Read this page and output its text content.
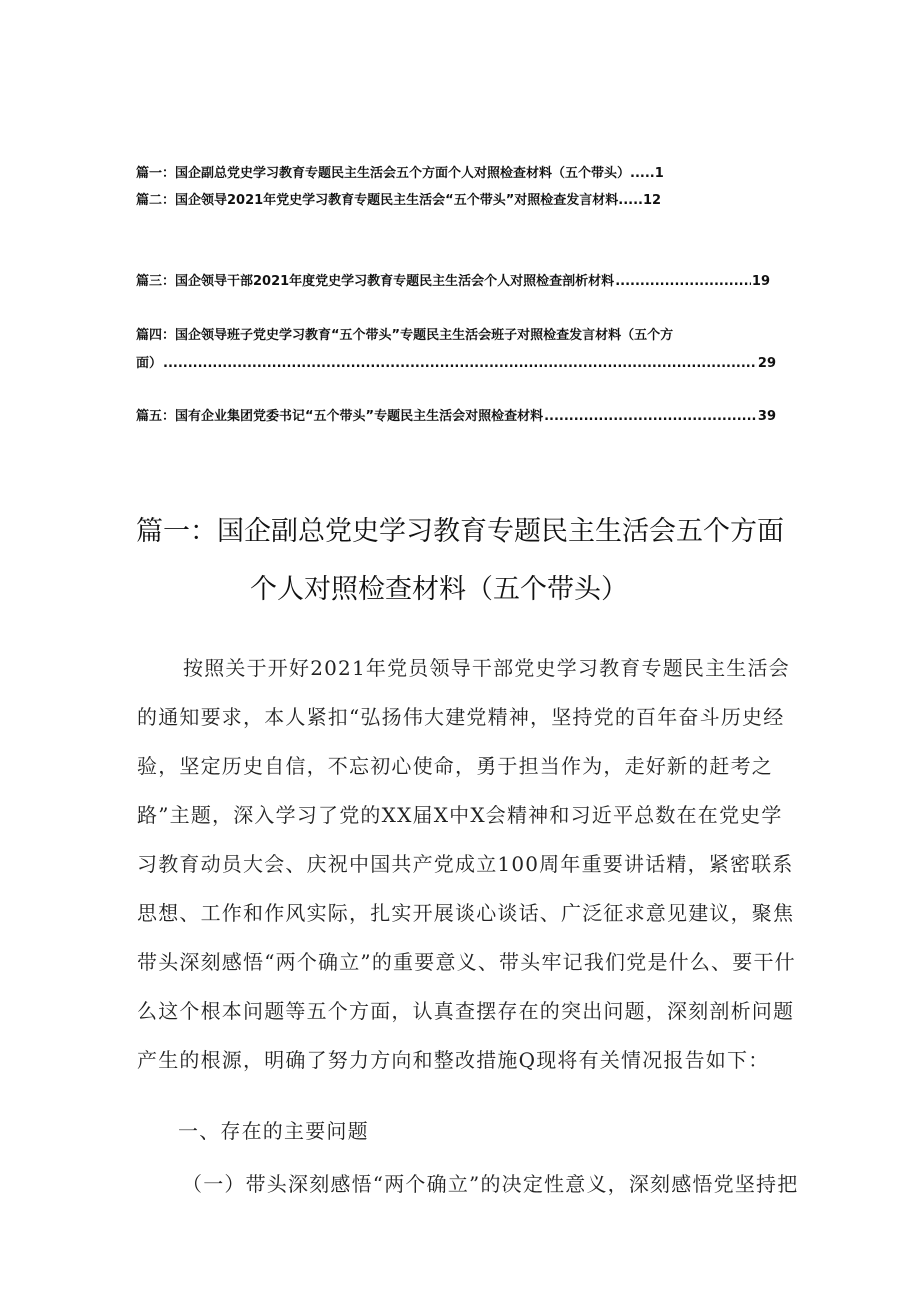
篇一：国企副总党史学习教育专题民主生活会五个方面个人对照检查材料（五个带头） ..... 1
篇二：国企领导2021年党史学习教育专题民主生活会“五个带头”对照检查发言材料 ..... 12
篇三：国企领导干部2021年度党史学习教育专题民主生活会个人对照检查剖析材料 .....	19
篇四：国企领导班子党史学习教育“五个带头”专题民主生活会班子对照检查发言材料（五个方
面） .....	29
篇五：国有企业集团党委书记“五个带头”专题民主生活会对照检查材料 .....	39
篇一：国企副总党史学习教育专题民主生活会五个方面
个人对照检查材料（五个带头）

按照关于开好2021年党员领导干部党史学习教育专题民主生活会的通知要求，本人紧扣“弘扬伟大建党精神，坚持党的百年奋斗历史经验，坚定历史自信，不忘初心使命，勇于担当作为，走好新的赶考之路”主题，深入学习了党的XX届X中X会精神和习近平总数在在党史学习教育动员大会、庆祝中国共产党成立100周年重要讲话精，紧密联系思想、工作和作风实际，扎实开展谈心谈话、广泛征求意见建议，聚焦带头深刻感悟“两个确立”的重要意义、带头牢记我们党是什么、要干什么这个根本问题等五个方面，认真查摆存在的突出问题，深刻剖析问题产生的根源，明确了努力方向和整改措施Q现将有关情况报告如下：

一、存在的主要问题
（一）带头深刻感悟“两个确立”的决定性意义，深刻感悟党坚持把
